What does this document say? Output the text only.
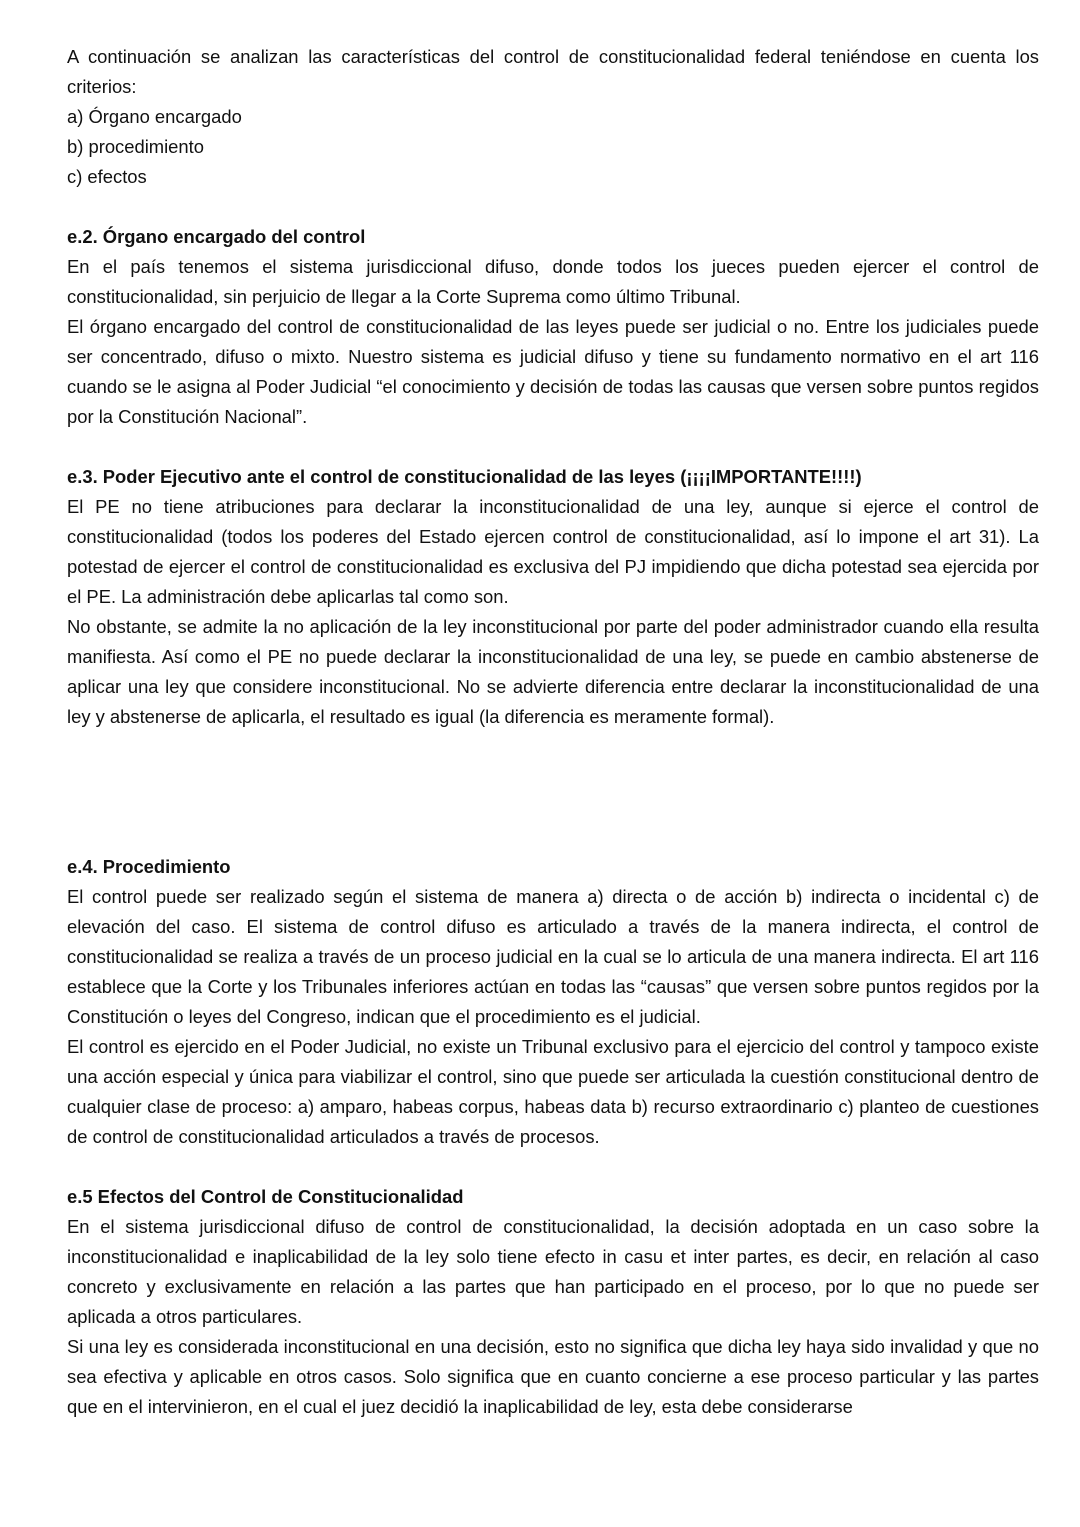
A continuación se analizan las características del control de constitucionalidad federal teniéndose en cuenta los criterios:

a) Órgano encargado

b) procedimiento

c) efectos

e.2. Órgano encargado del control

En el país tenemos el sistema jurisdiccional difuso, donde todos los jueces pueden ejercer el control de constitucionalidad, sin perjuicio de llegar a la Corte Suprema como último Tribunal.

El órgano encargado del control de constitucionalidad de las leyes puede ser judicial o no. Entre los judiciales puede ser concentrado, difuso o mixto. Nuestro sistema es judicial difuso y tiene su fundamento normativo en el art 116 cuando se le asigna al Poder Judicial “el conocimiento y decisión de todas las causas que versen sobre puntos regidos por la Constitución Nacional”.

e.3. Poder Ejecutivo ante el control de constitucionalidad de las leyes (¡¡¡¡IMPORTANTE!!!!)

El PE no tiene atribuciones para declarar la inconstitucionalidad de una ley, aunque si ejerce el control de constitucionalidad (todos los poderes del Estado ejercen control de constitucionalidad, así lo impone el art 31). La potestad de ejercer el control de constitucionalidad es exclusiva del PJ impidiendo que dicha potestad sea ejercida por el PE. La administración debe aplicarlas tal como son.

No obstante, se admite la no aplicación de la ley inconstitucional por parte del poder administrador cuando ella resulta manifiesta. Así como el PE no puede declarar la inconstitucionalidad de una ley, se puede en cambio abstenerse de aplicar una ley que considere inconstitucional. No se advierte diferencia entre declarar la inconstitucionalidad de una ley y abstenerse de aplicarla, el resultado es igual (la diferencia es meramente formal).

e.4. Procedimiento

El control puede ser realizado según el sistema de manera a) directa o de acción b) indirecta o incidental c) de elevación del caso. El sistema de control difuso es articulado a través de la manera indirecta, el control de constitucionalidad se realiza a través de un proceso judicial en la cual se lo articula de una manera indirecta. El art 116 establece que la Corte y los Tribunales inferiores actúan en todas las “causas” que versen sobre puntos regidos por la Constitución o leyes del Congreso, indican que el procedimiento es el judicial.

El control es ejercido en el Poder Judicial, no existe un Tribunal exclusivo para el ejercicio del control y tampoco existe una acción especial y única para viabilizar el control, sino que puede ser articulada la cuestión constitucional dentro de cualquier clase de proceso: a) amparo, habeas corpus, habeas data b) recurso extraordinario c) planteo de cuestiones de control de constitucionalidad articulados a través de procesos.

e.5 Efectos del Control de Constitucionalidad

En el sistema jurisdiccional difuso de control de constitucionalidad, la decisión adoptada en un caso sobre la inconstitucionalidad e inaplicabilidad de la ley solo tiene efecto in casu et inter partes, es decir, en relación al caso concreto y exclusivamente en relación a las partes que han participado en el proceso, por lo que no puede ser aplicada a otros particulares.

Si una ley es considerada inconstitucional en una decisión, esto no significa que dicha ley haya sido invalidad y que no sea efectiva y aplicable en otros casos. Solo significa que en cuanto concierne a ese proceso particular y las partes que en el intervinieron, en el cual el juez decidió la inaplicabilidad de ley, esta debe considerarse
